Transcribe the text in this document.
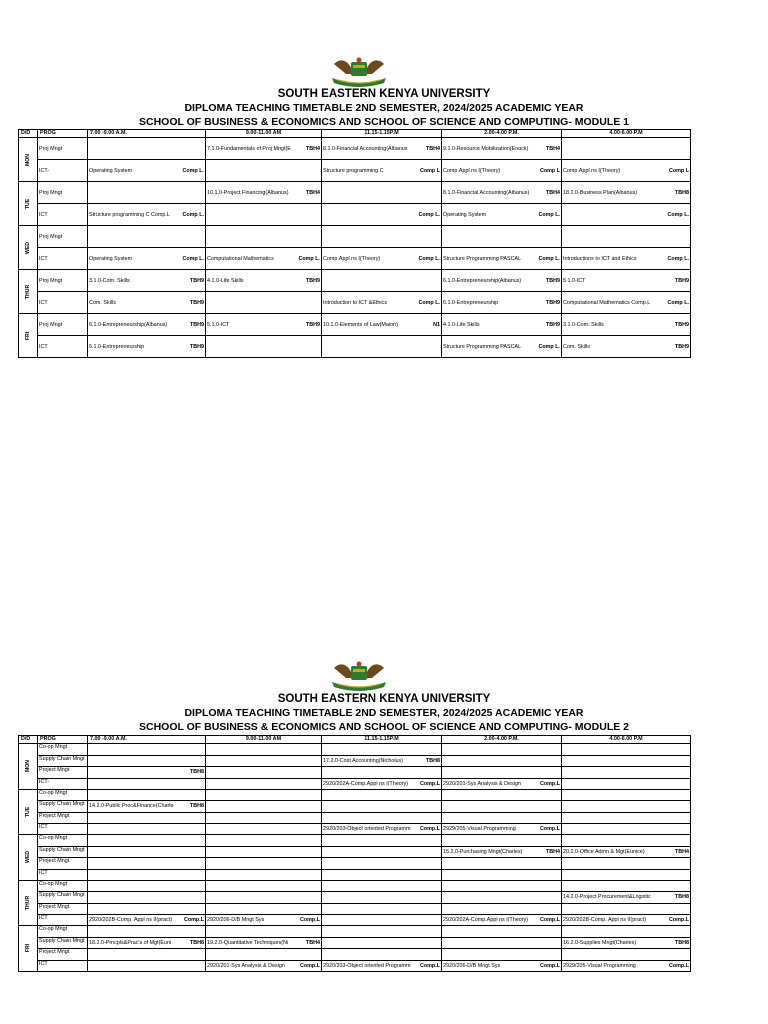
SOUTH EASTERN KENYA UNIVERSITY
DIPLOMA TEACHING TIMETABLE 2ND SEMESTER, 2024/2025 ACADEMIC YEAR
SCHOOL OF BUSINESS & ECONOMICS AND SCHOOL OF SCIENCE AND COMPUTING- MODULE 1
D/D	PROG	7.00 -9.00 A.M.	9.00-11.00 AM	11.15-1.15P.M	2.00-4.00 P.M.	4.00-6.00 P.M
MON	Proj Mngt		7.1.0-Fundamentals of Proj Mngt(E TBH4	8.1.0-Financial Accounting(Albanus TBH4	9.1.0-Resource Mobilization(Enock) TBH4	

	ICT-	Operating System Comp L.		Structure programming C Comp L	Comp.Appl ns I(Theory) Comp L	Comp.Appl ns I(Theory) Comp L

TUE	Proj Mngt		10.1.0-Project Financing(Albanus) TBH4		8.1.0-Financial Accounting(Albanus) TBH4	18.2.0-Business Plan(Albanus) TBH8

	ICT	Structure programming C Comp.L Comp L.		Comp L.	Operating System Comp L.	Comp L.

WED	Proj Mngt					

	ICT	Operating System Comp L.	Computational Mathematics Comp L.	Comp.Appl ns I(Theory) Comp L.	Structure Programming PASCAL Comp L.	Introductions to ICT and Ethics Comp L.

THUR	Proj Mngt	3.1.0-Com. Skills TBH9	4.1.0-Life Skills TBH9		6.1.0-Entrepreneurship(Albanus) TBH9	5.1.0-ICT TBH9

	ICT	Com. Skills TBH9		Introduction to ICT &Ethics Comp L.	6.1.0-Entrepreneurship TBH9	Computational Mathematics Comp.L Comp L.

FRI	Proj Mngt	6.1.0-Entrepreneurship(Albanus) TBH9	5.1.0-ICT TBH9	10.1.0-Elements of Law(Maion) N1	4.1.0-Life Skills TBH9	3.1.0-Com. Skills TBH9

	ICT	6.1.0-Entrepreneurship TBH9			Structure Programming PASCAL Comp L.	Com. Skills TBH9
SOUTH EASTERN KENYA UNIVERSITY
DIPLOMA TEACHING TIMETABLE 2ND SEMESTER, 2024/2025 ACADEMIC YEAR
SCHOOL OF BUSINESS & ECONOMICS AND SCHOOL OF SCIENCE AND COMPUTING- MODULE 2
D/D	PROG	7.00 -9.00 A.M.	9.00-11.00 AM	11.15-1.15P.M	2.00-4.00 P.M.	4.00-6.00 P.M
MON	Co-op Mngt					

	Supply Chain Mngt			17.2.0-Cost Accounting(Nicholus) TBH8		

	Project Mngt	TBH8				

	ICT-			2920/202A-Comp.Appl ns I(Theory) Comp.L	2920/201-Sys Analysis & Design Comp.L	

TUE	Co-op Mngt					

	Supply Chain Mngt	14.2.0-Public Proc&Finance(Charle TBH8				

	Project Mngt					

	ICT			2920/203-Object oriented Programm Comp.L	2929/205-Visual Programming Comp.L	

WED	Co-op Mngt					

	Supply Chain Mngt				15.2.0-Purchasing Mngt(Charles) TBH4	20.2.0-Office Admn & Mgt(Eunice) TBH4

	Project Mngt					

	ICT					

THUR	Co-op Mngt					

	Supply Chain Mngt					14.2.0-Project Procurement&Logistic TBH8

	Project Mngt					

	ICT	2920/202B-Comp. Appl ns II(pract) Comp.L	2920/206-D/B Mngt Sys Comp.L		2920/202A-Comp.Appl ns I(Theory) Comp.L	2920/202B-Comp. Appl ns II(pract) Comp.L

FRI	Co-op Mngt					

	Supply Chain Mngt	18.2.0-Prncpls&Prac's of Mgt(Euni TBH8	19.2.0-Quantitative Techniques(Ni TBH4			16.2.0-Supplies Mngt(Charles) TBH8

	Project Mngt					

	ICT		2920/201-Sys Analysis & Design Comp.L	2920/203-Object oriented Programm Comp.L	2920/206-D/B Mngt Sys Comp.L	2929/205-Visual Programming Comp.L
